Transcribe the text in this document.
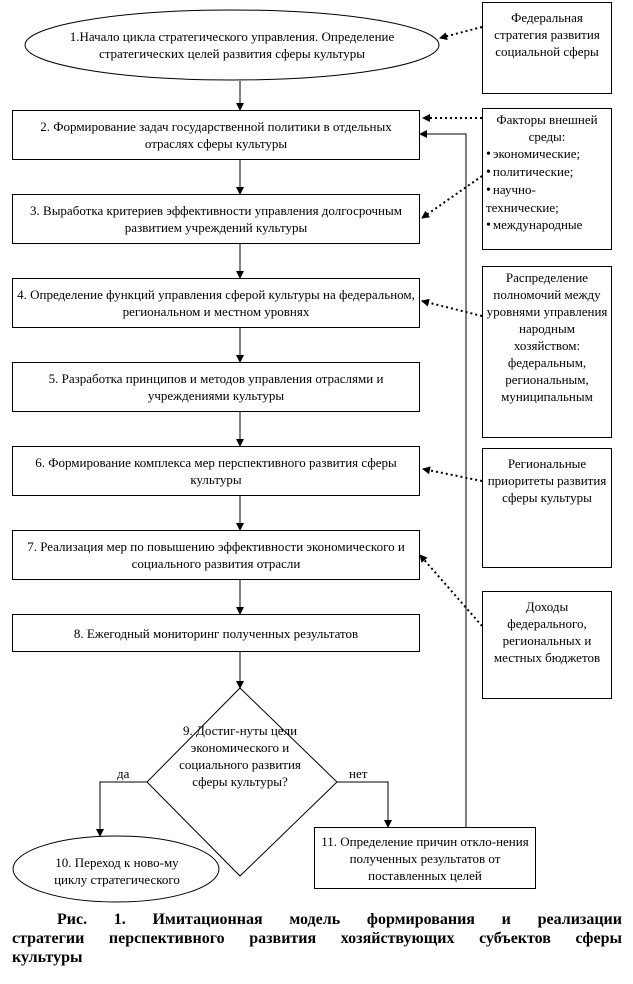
1.Начало цикла стратегического управления. Определение стратегических целей развития сферы культуры
2. Формирование задач государственной политики в отдельных отраслях сферы культуры
3. Выработка критериев эффективности управления долгосрочным развитием учреждений культуры
4. Определение функций управления сферой культуры на федеральном, региональном и местном уровнях
5. Разработка принципов и методов управления отраслями и учреждениями культуры
6. Формирование комплекса мер перспективного развития сферы культуры
7. Реализация мер по повышению эффективности экономического и социального развития отрасли
8. Ежегодный мониторинг полученных результатов
9. Достиг-нуты цели экономического и социального развития сферы культуры?
да	нет
10. Переход к ново-му циклу стратегического
11. Определение причин откло-нения полученных результатов от поставленных целей
Федеральная стратегия развития социальной сферы
Факторы внешней среды:
• экономические;
• политические;
• научно-
технические;
• международные
Распределение полномочий между уровнями управления народным хозяйством: федеральным, региональным, муниципальным
Региональные приоритеты развития сферы культуры
Доходы федерального, региональных и местных бюджетов
Рис. 1. Имитационная модель формирования и реализации
стратегии перспективного развития хозяйствующих субъектов сферы
культуры
